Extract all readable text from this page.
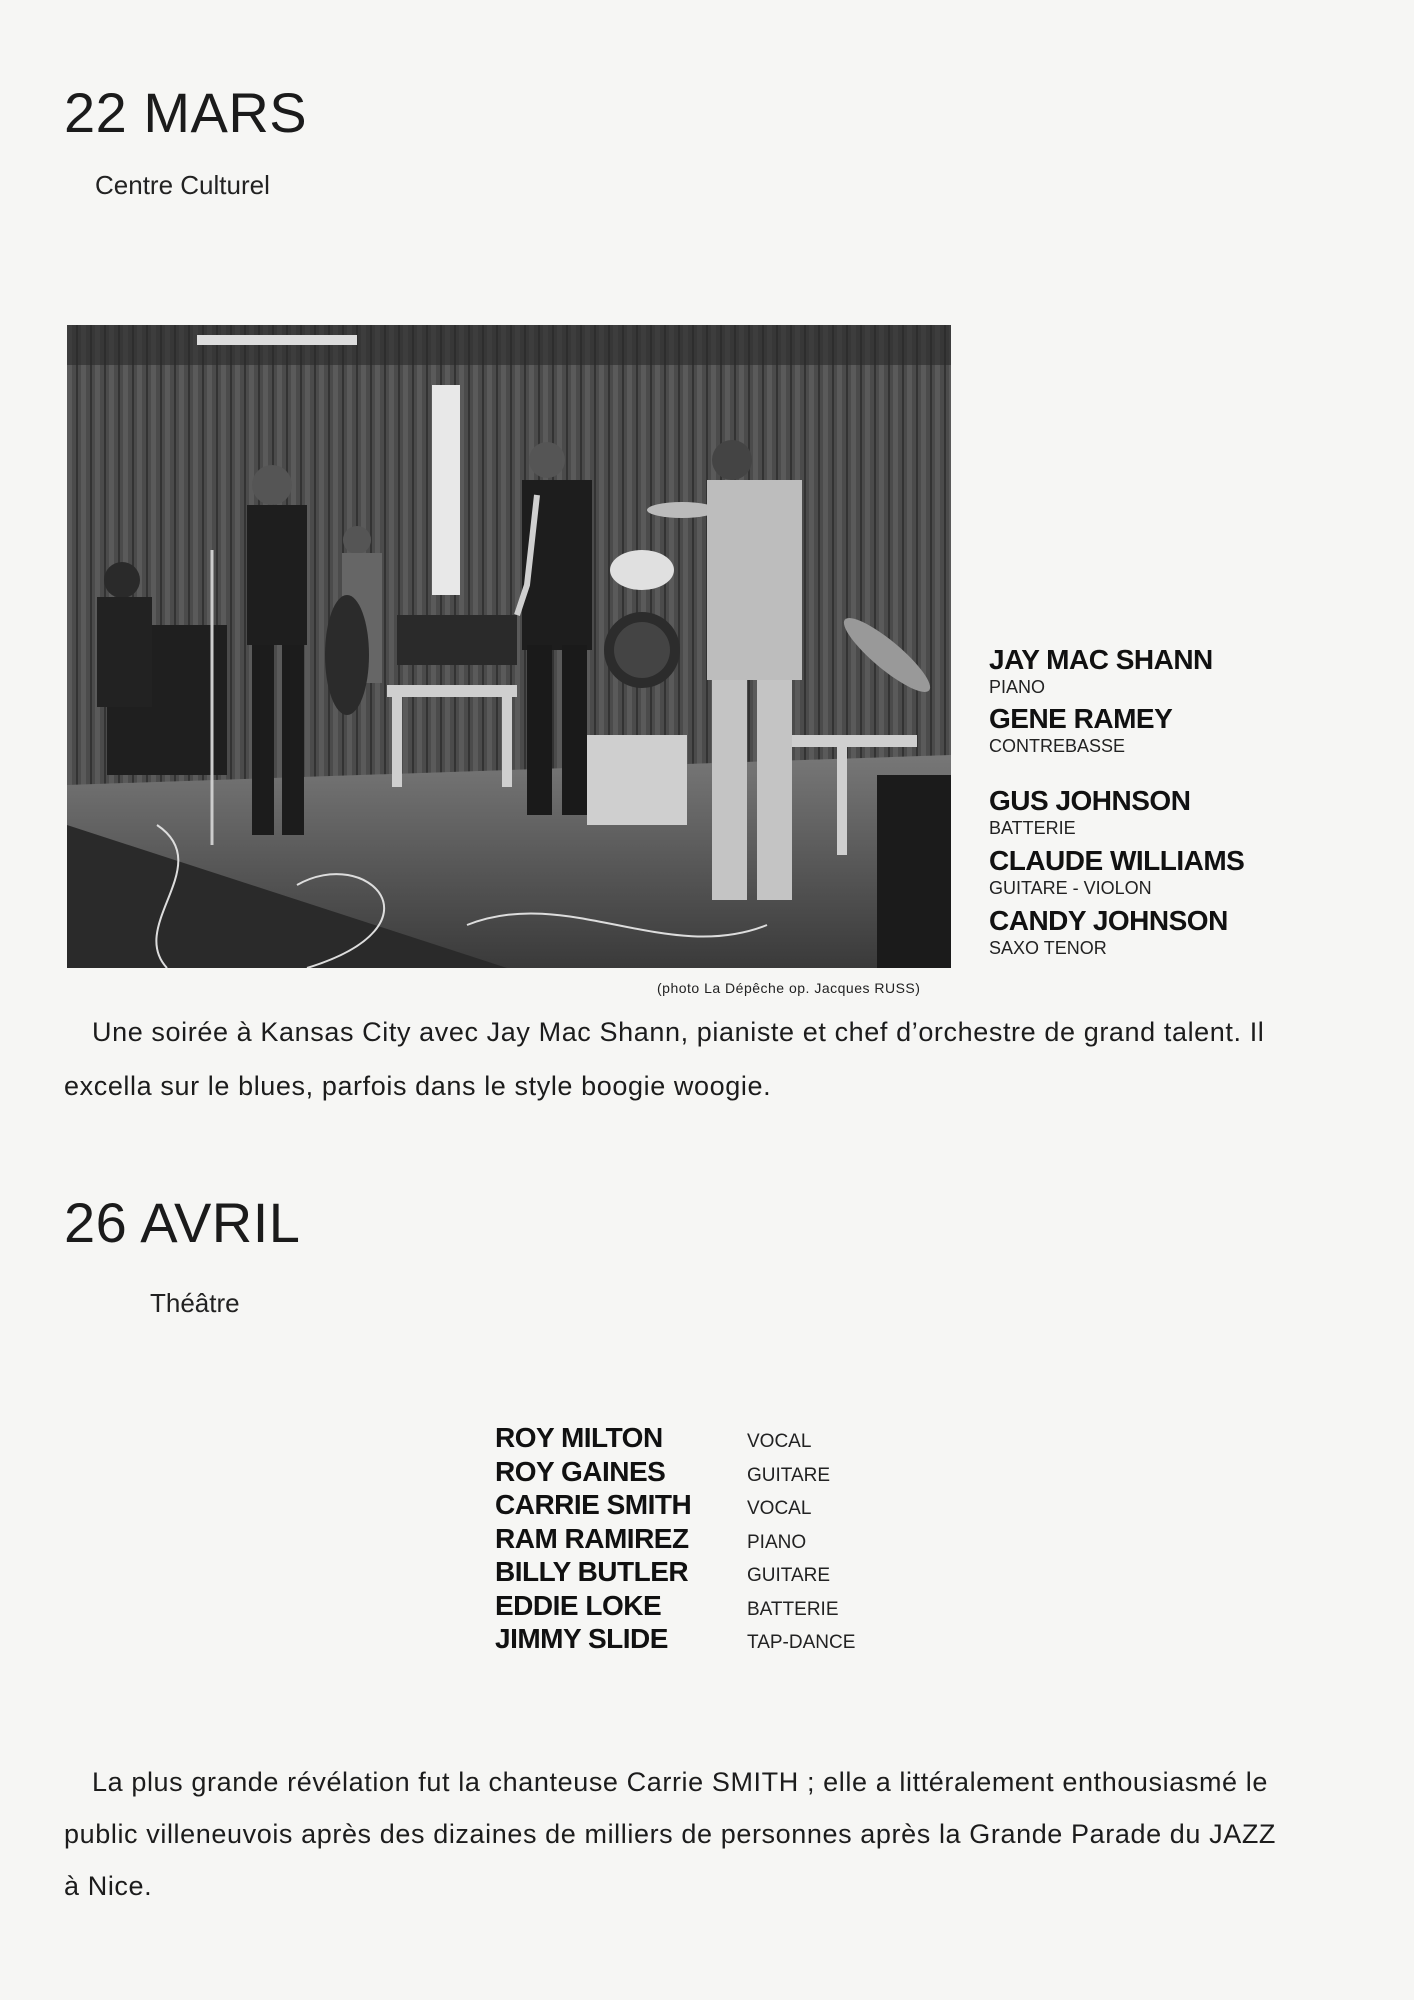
22 MARS
Centre Culturel
(photo La Dépêche op. Jacques RUSS)
JAY MAC SHANN
PIANO
GENE RAMEY
CONTREBASSE
GUS JOHNSON
BATTERIE
CLAUDE WILLIAMS
GUITARE - VIOLON
CANDY JOHNSON
SAXO TENOR

Une soirée à Kansas City avec Jay Mac Shann, pianiste et chef d’orchestre de grand talent. Il excella sur le blues, parfois dans le style boogie woogie.

26 AVRIL
Théâtre
ROY MILTON	VOCAL
ROY GAINES	GUITARE
CARRIE SMITH	VOCAL
RAM RAMIREZ	PIANO
BILLY BUTLER	GUITARE
EDDIE LOKE	BATTERIE
JIMMY SLIDE	TAP-DANCE

La plus grande révélation fut la chanteuse Carrie SMITH ; elle a littéralement enthousiasmé le public villeneuvois après des dizaines de milliers de personnes après la Grande Parade du JAZZ à Nice.
